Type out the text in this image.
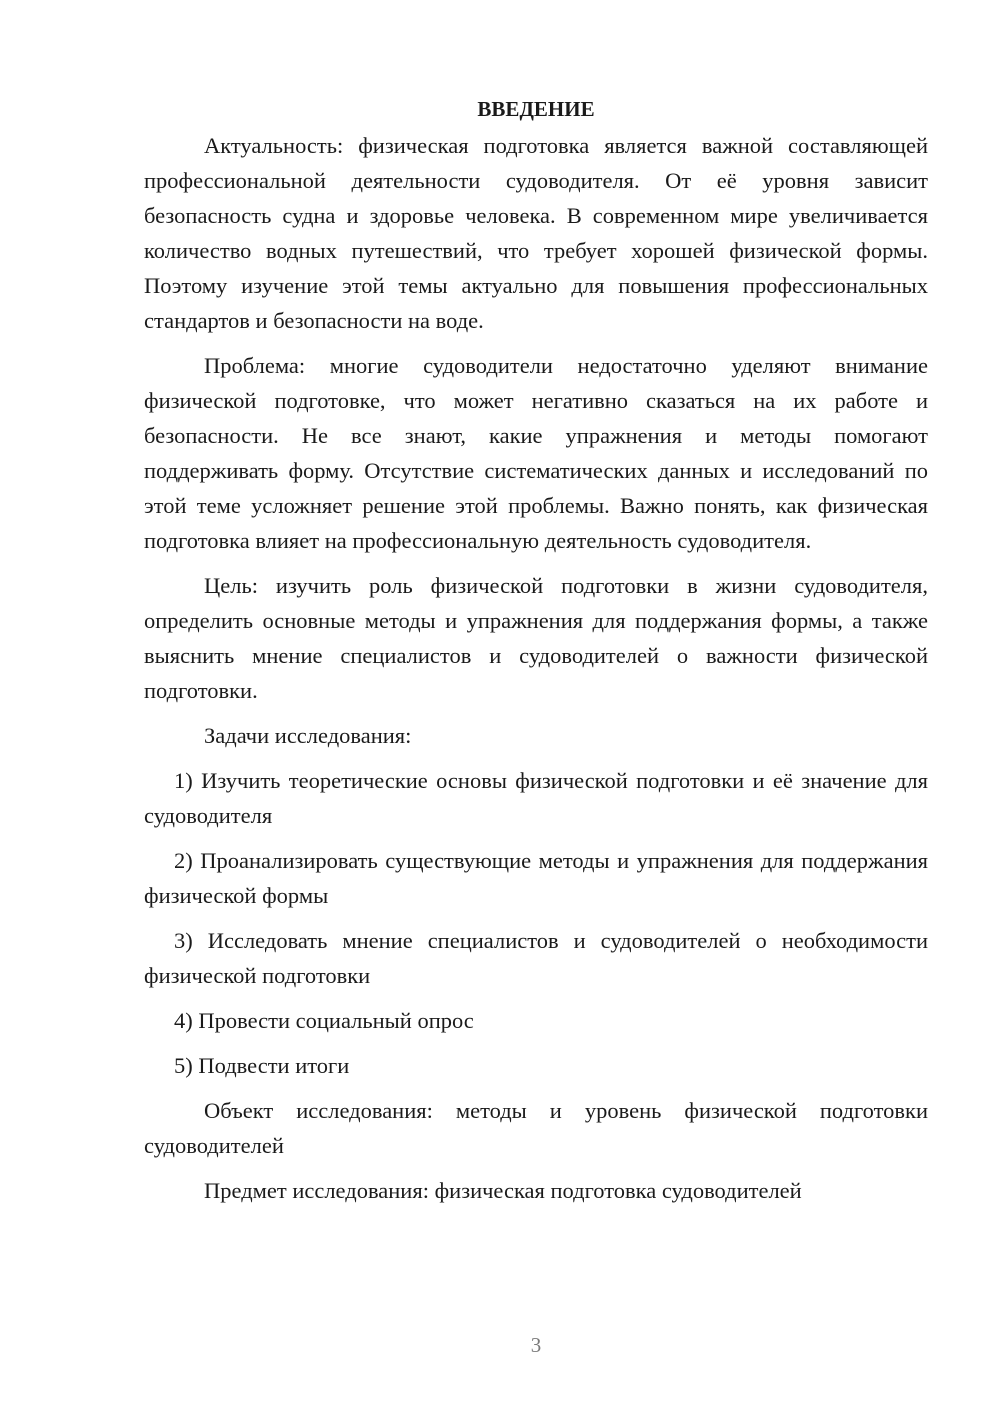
ВВЕДЕНИЕ

Актуальность: физическая подготовка является важной составляющей профессиональной деятельности судоводителя. От её уровня зависит безопасность судна и здоровье человека. В современном мире увеличивается количество водных путешествий, что требует хорошей физической формы. Поэтому изучение этой темы актуально для повышения профессиональных стандартов и безопасности на воде.

Проблема: многие судоводители недостаточно уделяют внимание физической подготовке, что может негативно сказаться на их работе и безопасности. Не все знают, какие упражнения и методы помогают поддерживать форму. Отсутствие систематических данных и исследований по этой теме усложняет решение этой проблемы. Важно понять, как физическая подготовка влияет на профессиональную деятельность судоводителя.

Цель: изучить роль физической подготовки в жизни судоводителя, определить основные методы и упражнения для поддержания формы, а также выяснить мнение специалистов и судоводителей о важности физической подготовки.

Задачи исследования:

1) Изучить теоретические основы физической подготовки и её значение для судоводителя

2) Проанализировать существующие методы и упражнения для поддержания физической формы

3) Исследовать мнение специалистов и судоводителей о необходимости физической подготовки

4) Провести социальный опрос

5) Подвести итоги

Объект исследования: методы и уровень физической подготовки судоводителей

Предмет исследования: физическая подготовка судоводителей

3
